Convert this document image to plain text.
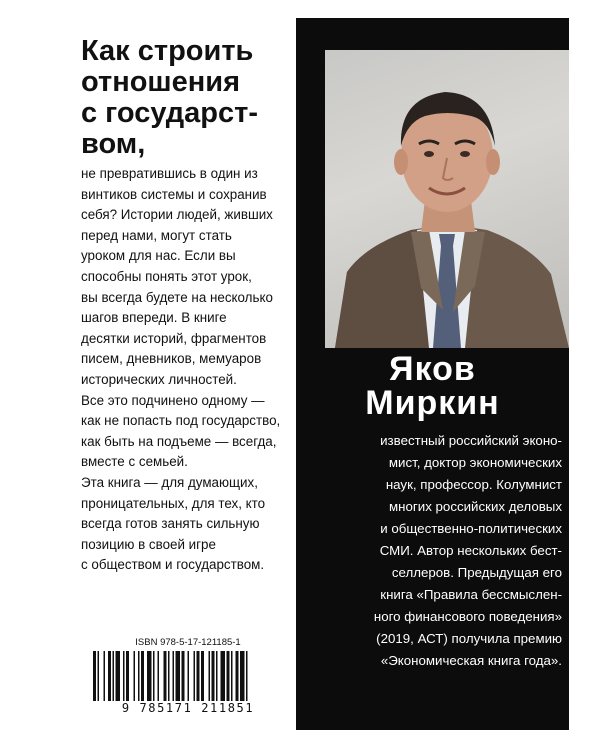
Как строить
отношения
с государст-
вом,

не превратившись в один из

винтиков системы и сохранив

себя? Истории людей, живших

перед нами, могут стать

уроком для нас. Если вы

способны понять этот урок,

вы всегда будете на несколько

шагов впереди. В книге

десятки историй, фрагментов

писем, дневников, мемуаров

исторических личностей.

Все это подчинено одному —

как не попасть под государство,

как быть на подъеме — всегда,

вместе с семьей.

Эта книга — для думающих,

проницательных, для тех, кто

всегда готов занять сильную

позицию в своей игре

с обществом и государством.

Яков
Миркин
известный российский эконо-
мист, доктор экономических
наук, профессор. Колумнист
многих российских деловых
и общественно-политических
СМИ. Автор нескольких бест-
селлеров. Предыдущая его
книга «Правила бессмыслен-
ного финансового поведения»
(2019, АСТ) получила премию
«Экономическая книга года».
ISBN 978-5-17-121185-1
9 785171 211851
